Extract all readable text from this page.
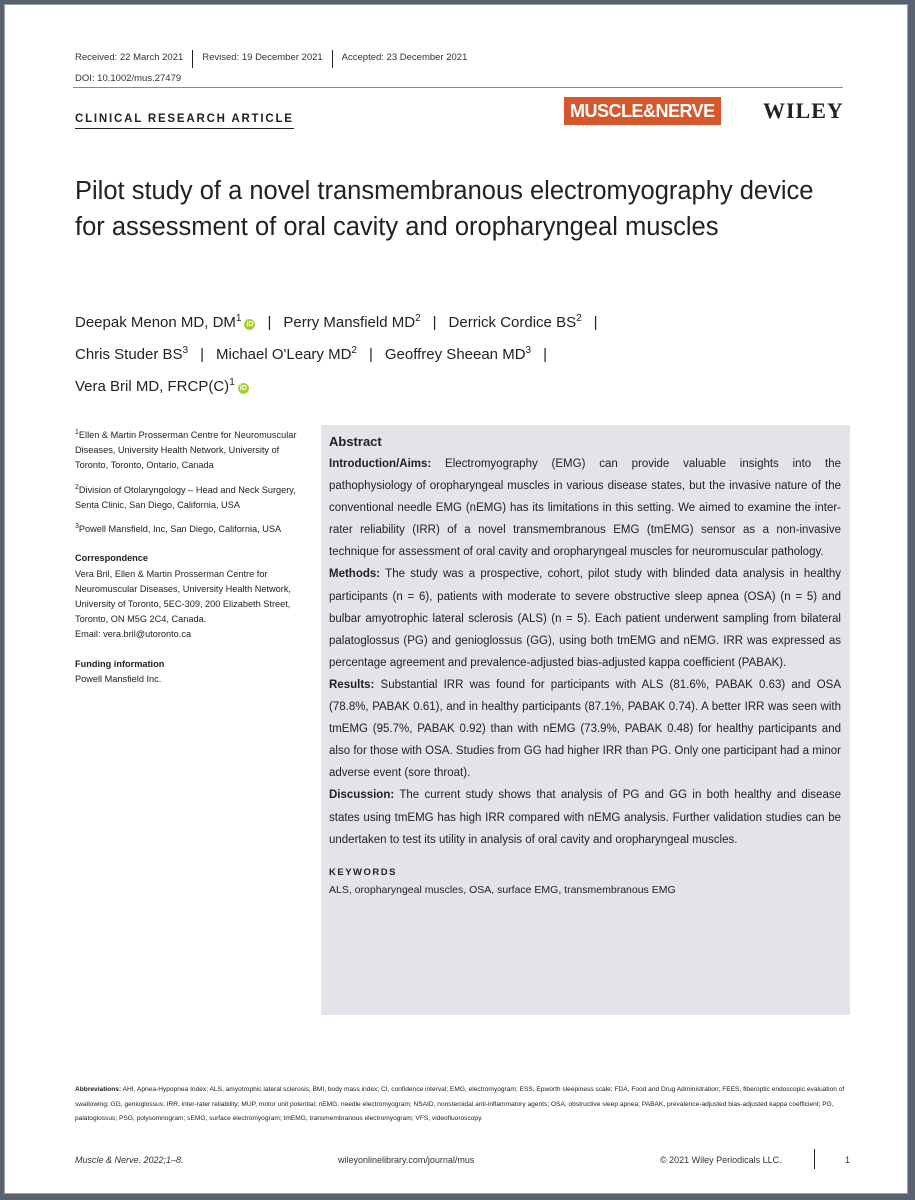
Received: 22 March 2021 Revised: 19 December 2021 Accepted: 23 December 2021
DOI: 10.1002/mus.27479
CLINICAL RESEARCH ARTICLE	MUSCLE&NERVE WILEY
Pilot study of a novel transmembranous electromyography device for assessment of oral cavity and oropharyngeal muscles
Deepak Menon MD, $DM^1iD$ | Perry Mansfield $MD^2$ | Derrick Cordice $BS^2$ |
Chris Studer $BS^3$ | Michael O'Leary $MD^2$ | Geoffrey Sheean $MD^3$ |
Vera Bril MD, $FRCP(C)^1iD$

$^1$Ellen & Martin Prosserman Centre for Neuromuscular Diseases, University Health Network, University of Toronto, Toronto, Ontario, Canada

$^2$Division of Otolaryngology – Head and Neck Surgery, Senta Clinic, San Diego, California, USA

$^3$Powell Mansfield, Inc, San Diego, California, USA

Correspondence

Vera Bril, Ellen & Martin Prosserman Centre for Neuromuscular Diseases, University Health Network, University of Toronto, 5EC-309, 200 Elizabeth Street, Toronto, ON M5G 2C4, Canada.

Email: vera.bril@utoronto.ca

Funding information

Powell Mansfield Inc.

Abstract

Introduction/Aims: Electromyography (EMG) can provide valuable insights into the pathophysiology of oropharyngeal muscles in various disease states, but the invasive nature of the conventional needle EMG (nEMG) has its limitations in this setting. We aimed to examine the inter-rater reliability (IRR) of a novel transmembranous EMG (tmEMG) sensor as a non-invasive technique for assessment of oral cavity and oropharyngeal muscles for neuromuscular pathology.

Methods: The study was a prospective, cohort, pilot study with blinded data analysis in healthy participants (n = 6), patients with moderate to severe obstructive sleep apnea (OSA) (n = 5) and bulbar amyotrophic lateral sclerosis (ALS) (n = 5). Each patient underwent sampling from bilateral palatoglossus (PG) and genioglossus (GG), using both tmEMG and nEMG. IRR was expressed as percentage agreement and prevalence-adjusted bias-adjusted kappa coefficient (PABAK).

Results: Substantial IRR was found for participants with ALS (81.6%, PABAK 0.63) and OSA (78.8%, PABAK 0.61), and in healthy participants (87.1%, PABAK 0.74). A better IRR was seen with tmEMG (95.7%, PABAK 0.92) than with nEMG (73.9%, PABAK 0.48) for healthy participants and also for those with OSA. Studies from GG had higher IRR than PG. Only one participant had a minor adverse event (sore throat).

Discussion: The current study shows that analysis of PG and GG in both healthy and disease states using tmEMG has high IRR compared with nEMG analysis. Further validation studies can be undertaken to test its utility in analysis of oral cavity and oropharyngeal muscles.

KEYWORDS

ALS, oropharyngeal muscles, OSA, surface EMG, transmembranous EMG

Abbreviations: AHI, Apnea-Hypopnea Index; ALS, amyotrophic lateral sclerosis; BMI, body mass index; CI, confidence interval; EMG, electromyogram; ESS, Epworth sleepiness scale; FDA, Food and Drug Administration; FEES, fiberoptic endoscopic evaluation of swallowing; GG, genioglossus; IRR, inter-rater reliability; MUP, motor unit potential; nEMG, needle electromyogram; NSAID, nonsteroidal anti-inflammatory agents; OSA, obstructive sleep apnea; PABAK, prevalence-adjusted bias-adjusted kappa coefficient; PG, palatoglossus; PSG, polysomnogram; sEMG, surface electromyogram; tmEMG, transmembranous electromyogram; VFS, videofluoroscopy.
Muscle & Nerve. 2022;1–8.	wileyonlinelibrary.com/journal/mus	© 2021 Wiley Periodicals LLC.	1
